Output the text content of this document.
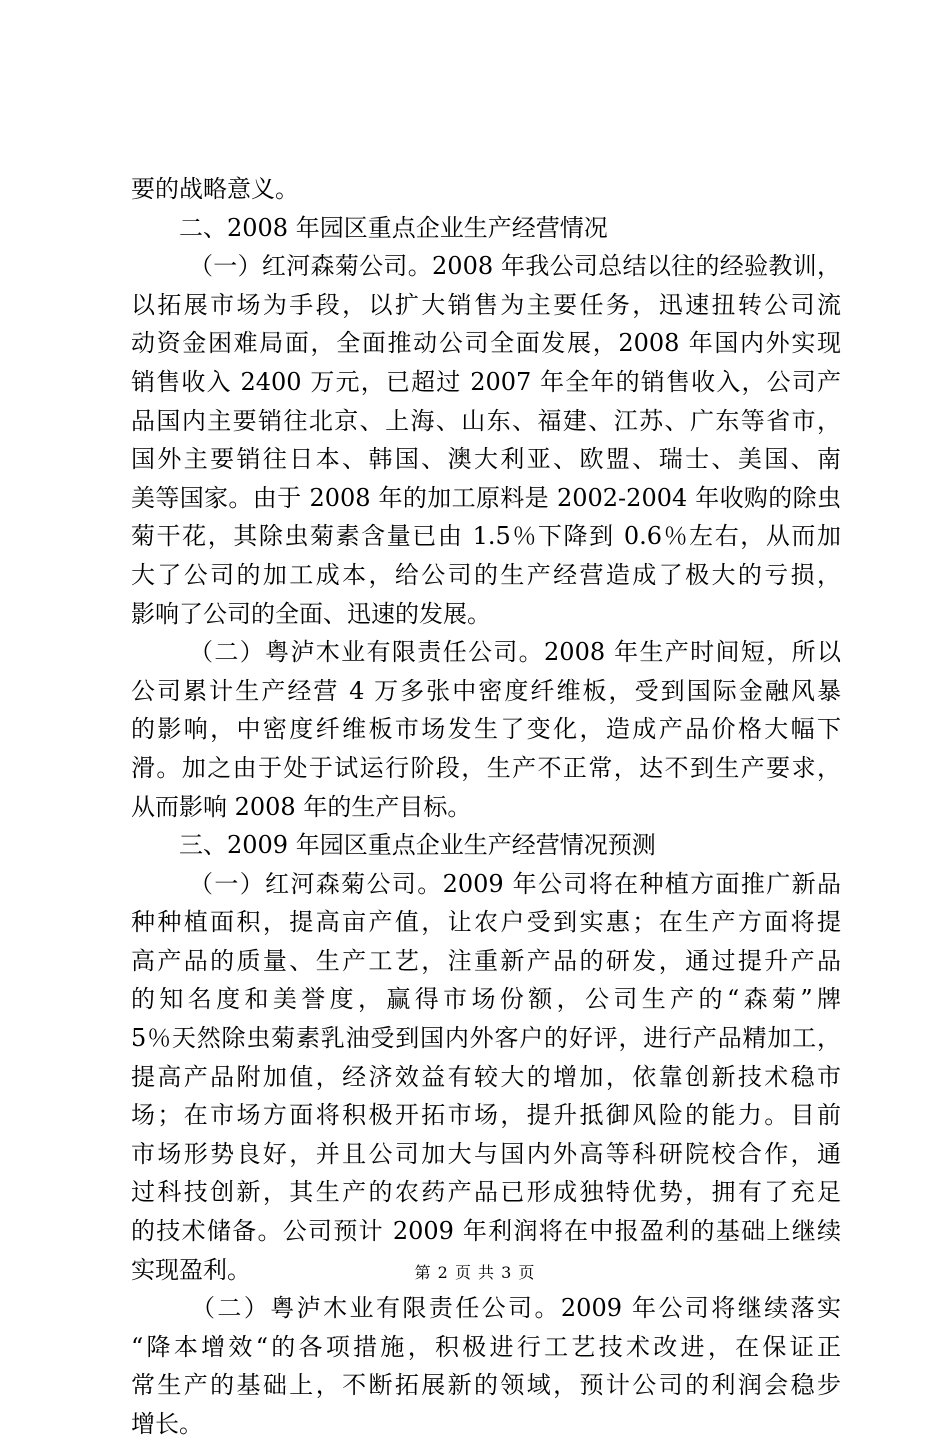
要的战略意义。
二、2008 年园区重点企业生产经营情况
（一）红河森菊公司。2008 年我公司总结以往的经验教训，
以拓展市场为手段，以扩大销售为主要任务，迅速扭转公司流
动资金困难局面，全面推动公司全面发展，2008 年国内外实现
销售收入 2400 万元，已超过 2007 年全年的销售收入，公司产
品国内主要销往北京、上海、山东、福建、江苏、广东等省市，
国外主要销往日本、韩国、澳大利亚、欧盟、瑞士、美国、南
美等国家。由于 2008 年的加工原料是 2002-2004 年收购的除虫
菊干花，其除虫菊素含量已由 1.5％下降到 0.6％左右，从而加
大了公司的加工成本，给公司的生产经营造成了极大的亏损，
影响了公司的全面、迅速的发展。
（二）粤泸木业有限责任公司。2008 年生产时间短，所以
公司累计生产经营 4 万多张中密度纤维板，受到国际金融风暴
的影响，中密度纤维板市场发生了变化，造成产品价格大幅下
滑。加之由于处于试运行阶段，生产不正常，达不到生产要求，
从而影响 2008 年的生产目标。
三、2009 年园区重点企业生产经营情况预测
（一）红河森菊公司。2009 年公司将在种植方面推广新品
种种植面积，提高亩产值，让农户受到实惠；在生产方面将提
高产品的质量、生产工艺，注重新产品的研发，通过提升产品
的知名度和美誉度，赢得市场份额，公司生产的“森菊”牌
5％天然除虫菊素乳油受到国内外客户的好评，进行产品精加工，
提高产品附加值，经济效益有较大的增加，依靠创新技术稳市
场；在市场方面将积极开拓市场，提升抵御风险的能力。目前
市场形势良好，并且公司加大与国内外高等科研院校合作，通
过科技创新，其生产的农药产品已形成独特优势，拥有了充足
的技术储备。公司预计 2009 年利润将在中报盈利的基础上继续
实现盈利。
（二）粤泸木业有限责任公司。2009 年公司将继续落实
“降本增效“的各项措施，积极进行工艺技术改进，在保证正
常生产的基础上，不断拓展新的领域，预计公司的利润会稳步
增长。
第 2 页 共 3 页
